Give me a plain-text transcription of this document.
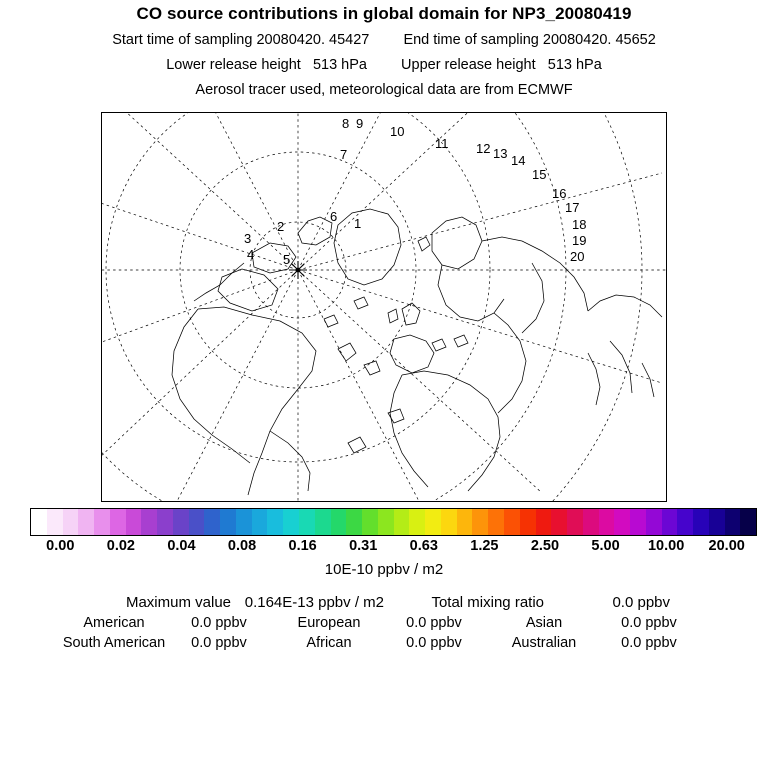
CO source contributions in global domain for NP3_20080419
Start time of sampling 20080420. 45427 End time of sampling 20080420. 45652
Lower release height 513 hPa Upper release height 513 hPa
Aerosol tracer used, meteorological data are from ECMWF
8 9
10
11 12 13 14
15
16
17
18
19
20
7
6 1
2
3
4 5
0.00 0.02 0.04 0.08 0.16 0.31 0.63 1.25 2.50 5.00 10.00 20.00
10E-10 ppbv / m2
Maximum value 0.164E-13 ppbv / m2	Total mixing ratio	0.0 ppbv
American	0.0 ppbv	European	0.0 ppbv	Asian	0.0 ppbv
South American	0.0 ppbv	African	0.0 ppbv	Australian	0.0 ppbv
